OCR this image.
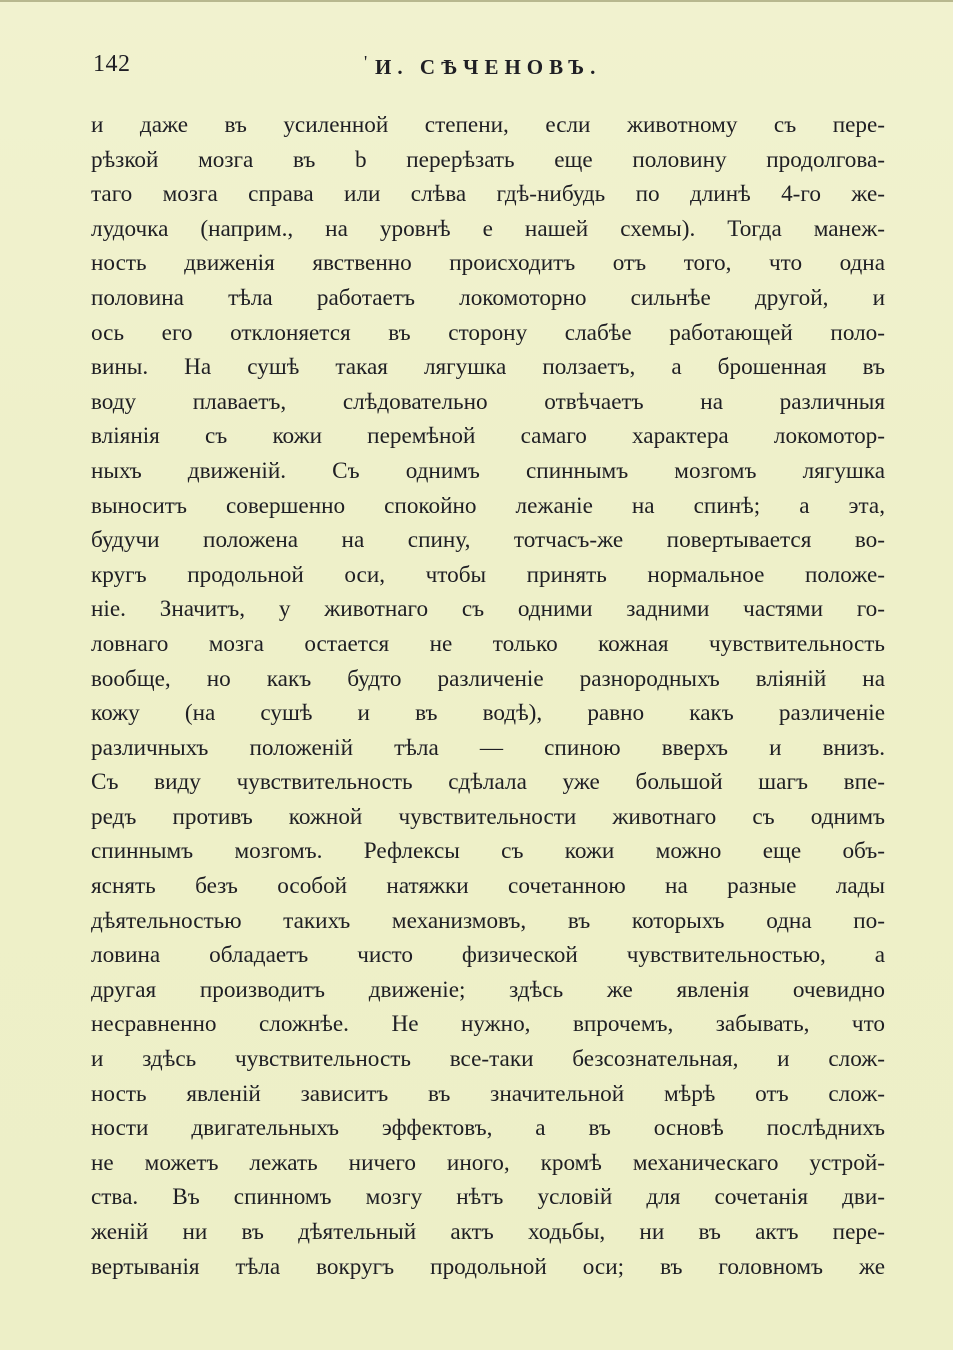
142	' И. СѢЧЕНОВЪ.
и даже въ усиленной степени, если животному съ пере-
рѣзкой мозга въ b перерѣзать еще половину продолгова-
таго мозга справа или слѣва гдѣ-нибудь по длинѣ 4-го же-
лудочка (наприм., на уровнѣ e нашей схемы). Тогда манеж-
ность движенія явственно происходитъ отъ того, что одна
половина тѣла работаетъ локомоторно сильнѣе другой, и
ось его отклоняется въ сторону слабѣе работающей поло-
вины. На сушѣ такая лягушка ползаетъ, а брошенная въ
воду плаваетъ, слѣдовательно отвѣчаетъ на различныя
вліянія съ кожи перемѣной самаго характера локомотор-
ныхъ движеній. Съ однимъ спиннымъ мозгомъ лягушка
выноситъ совершенно спокойно лежаніе на спинѣ; а эта,
будучи положена на спину, тотчасъ-же повертывается во-
кругъ продольной оси, чтобы принять нормальное положе-
ніе. Значитъ, у животнаго съ одними задними частями го-
ловнаго мозга остается не только кожная чувствительность
вообще, но какъ будто различеніе разнородныхъ вліяній на
кожу (на сушѣ и въ водѣ), равно какъ различеніе
различныхъ положеній тѣла — спиною вверхъ и внизъ.
Съ виду чувствительность сдѣлала уже большой шагъ впе-
редъ противъ кожной чувствительности животнаго съ однимъ
спиннымъ мозгомъ. Рефлексы съ кожи можно еще объ-
яснять безъ особой натяжки сочетанною на разные лады
дѣятельностью такихъ механизмовъ, въ которыхъ одна по-
ловина обладаетъ чисто физической чувствительностью, а
другая производитъ движеніе; здѣсь же явленія очевидно
несравненно сложнѣе. Не нужно, впрочемъ, забывать, что
и здѣсь чувствительность все-таки безсознательная, и слож-
ность явленій зависитъ въ значительной мѣрѣ отъ слож-
ности двигательныхъ эффектовъ, а въ основѣ послѣднихъ
не можетъ лежать ничего иного, кромѣ механическаго устрой-
ства. Въ спинномъ мозгу нѣтъ условій для сочетанія дви-
женій ни въ дѣятельный актъ ходьбы, ни въ актъ пере-
вертыванія тѣла вокругъ продольной оси; въ головномъ же
